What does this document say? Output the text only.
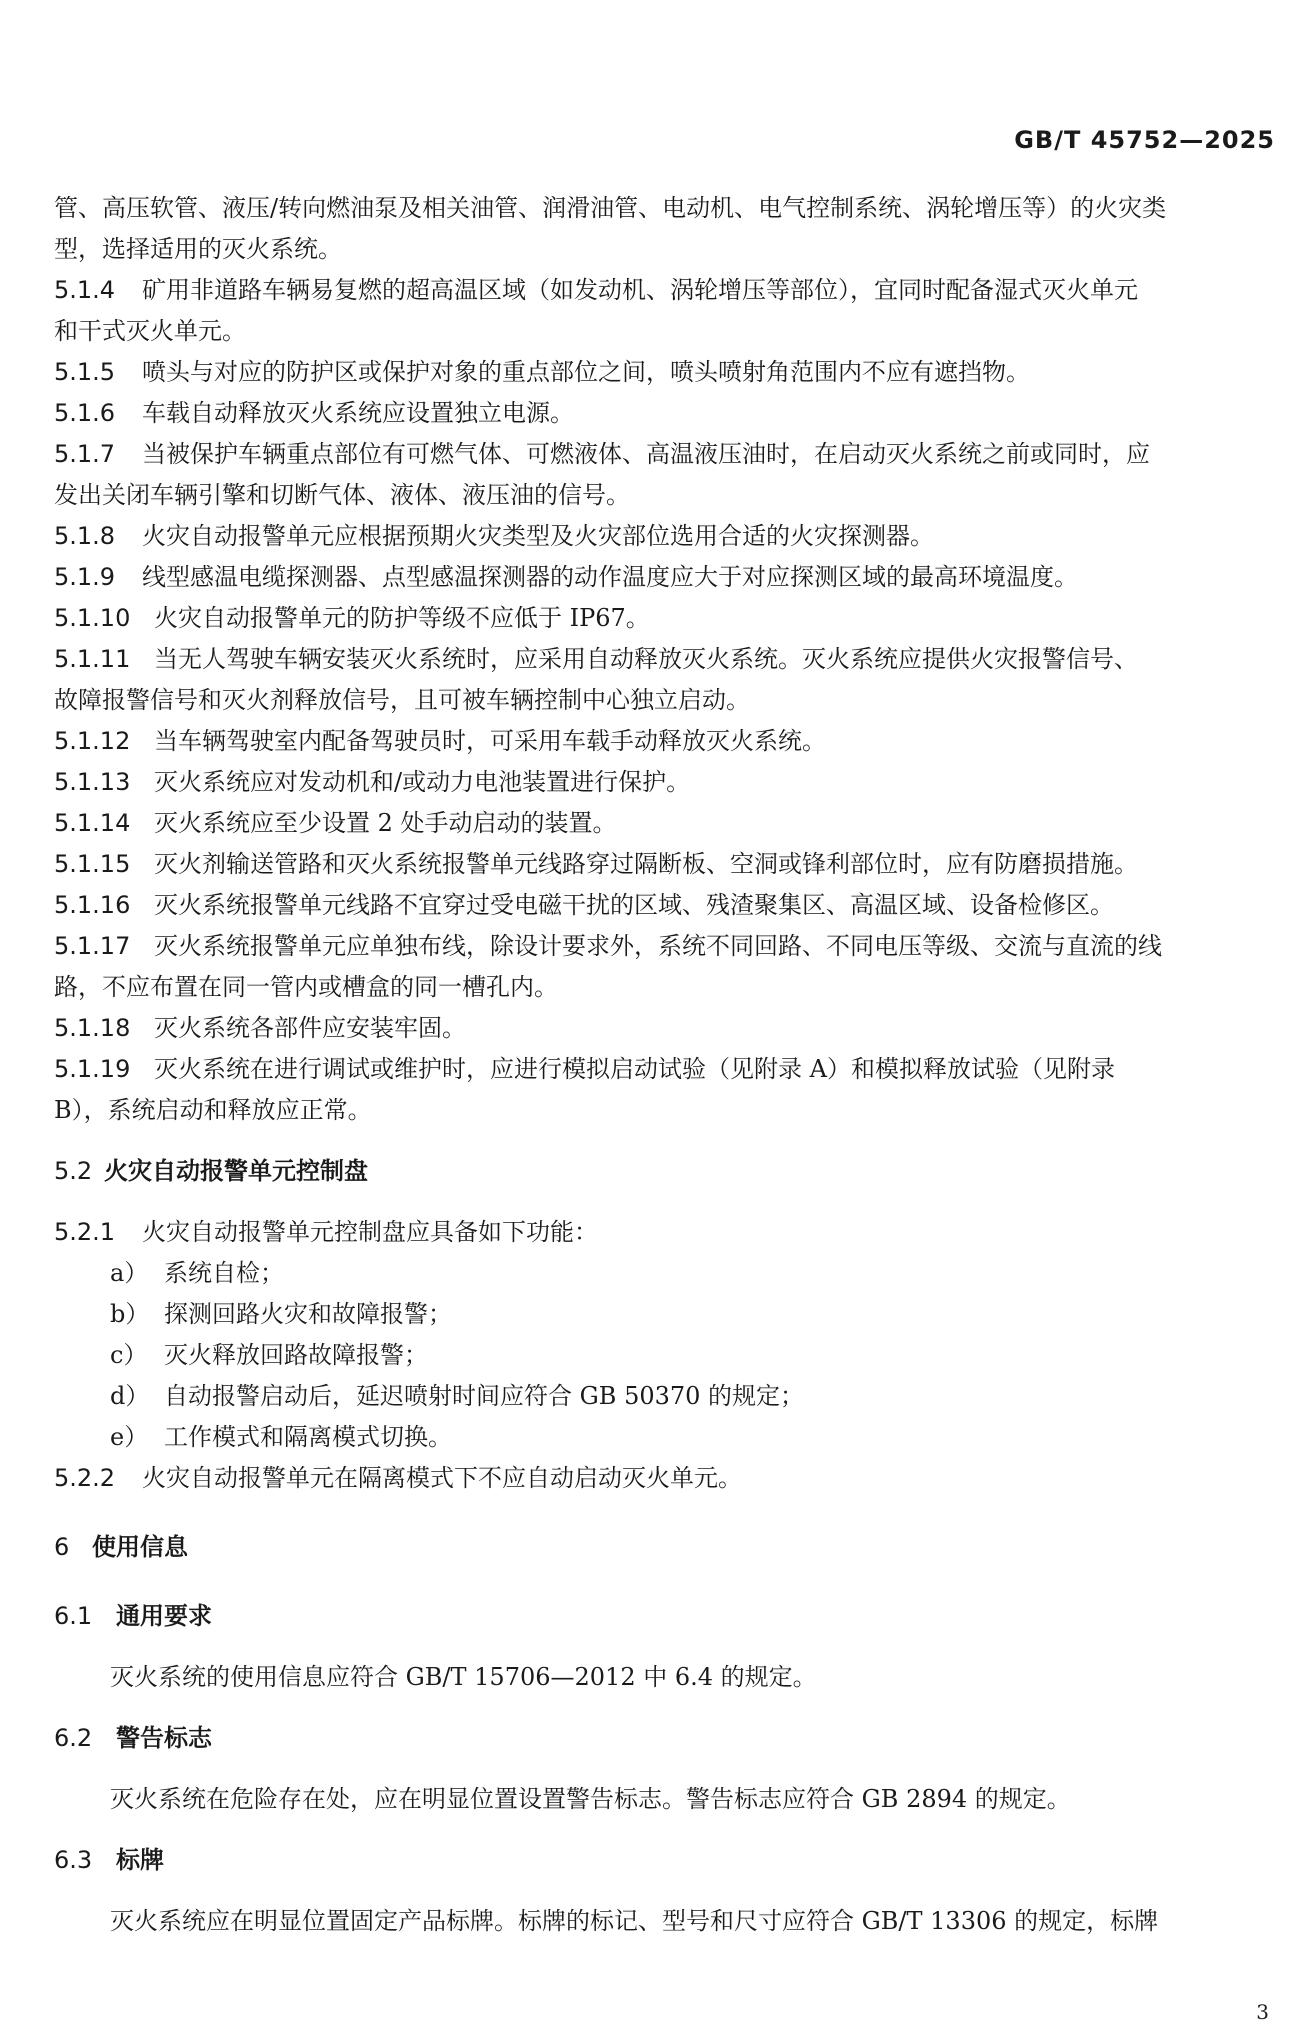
GB/T 45752—2025
管、高压软管、液压/转向燃油泵及相关油管、润滑油管、电动机、电气控制系统、涡轮增压等）的火灾类
型，选择适用的灭火系统。
5.1.4 矿用非道路车辆易复燃的超高温区域（如发动机、涡轮增压等部位），宜同时配备湿式灭火单元
和干式灭火单元。
5.1.5 喷头与对应的防护区或保护对象的重点部位之间，喷头喷射角范围内不应有遮挡物。
5.1.6 车载自动释放灭火系统应设置独立电源。
5.1.7 当被保护车辆重点部位有可燃气体、可燃液体、高温液压油时，在启动灭火系统之前或同时，应
发出关闭车辆引擎和切断气体、液体、液压油的信号。
5.1.8 火灾自动报警单元应根据预期火灾类型及火灾部位选用合适的火灾探测器。
5.1.9 线型感温电缆探测器、点型感温探测器的动作温度应大于对应探测区域的最高环境温度。
5.1.10 火灾自动报警单元的防护等级不应低于 IP67。
5.1.11 当无人驾驶车辆安装灭火系统时，应采用自动释放灭火系统。灭火系统应提供火灾报警信号、
故障报警信号和灭火剂释放信号，且可被车辆控制中心独立启动。
5.1.12 当车辆驾驶室内配备驾驶员时，可采用车载手动释放灭火系统。
5.1.13 灭火系统应对发动机和/或动力电池装置进行保护。
5.1.14 灭火系统应至少设置 2 处手动启动的装置。
5.1.15 灭火剂输送管路和灭火系统报警单元线路穿过隔断板、空洞或锋利部位时，应有防磨损措施。
5.1.16 灭火系统报警单元线路不宜穿过受电磁干扰的区域、残渣聚集区、高温区域、设备检修区。
5.1.17 灭火系统报警单元应单独布线，除设计要求外，系统不同回路、不同电压等级、交流与直流的线
路，不应布置在同一管内或槽盒的同一槽孔内。
5.1.18 灭火系统各部件应安装牢固。
5.1.19 灭火系统在进行调试或维护时，应进行模拟启动试验（见附录 A）和模拟释放试验（见附录
B），系统启动和释放应正常。
5.2 火灾自动报警单元控制盘
5.2.1 火灾自动报警单元控制盘应具备如下功能：
a） 系统自检；
b） 探测回路火灾和故障报警；
c） 灭火释放回路故障报警；
d） 自动报警启动后，延迟喷射时间应符合 GB 50370 的规定；
e） 工作模式和隔离模式切换。
5.2.2 火灾自动报警单元在隔离模式下不应自动启动灭火单元。
6 使用信息
6.1 通用要求
灭火系统的使用信息应符合 GB/T 15706—2012 中 6.4 的规定。
6.2 警告标志
灭火系统在危险存在处，应在明显位置设置警告标志。警告标志应符合 GB 2894 的规定。
6.3 标牌
灭火系统应在明显位置固定产品标牌。标牌的标记、型号和尺寸应符合 GB/T 13306 的规定，标牌
3
